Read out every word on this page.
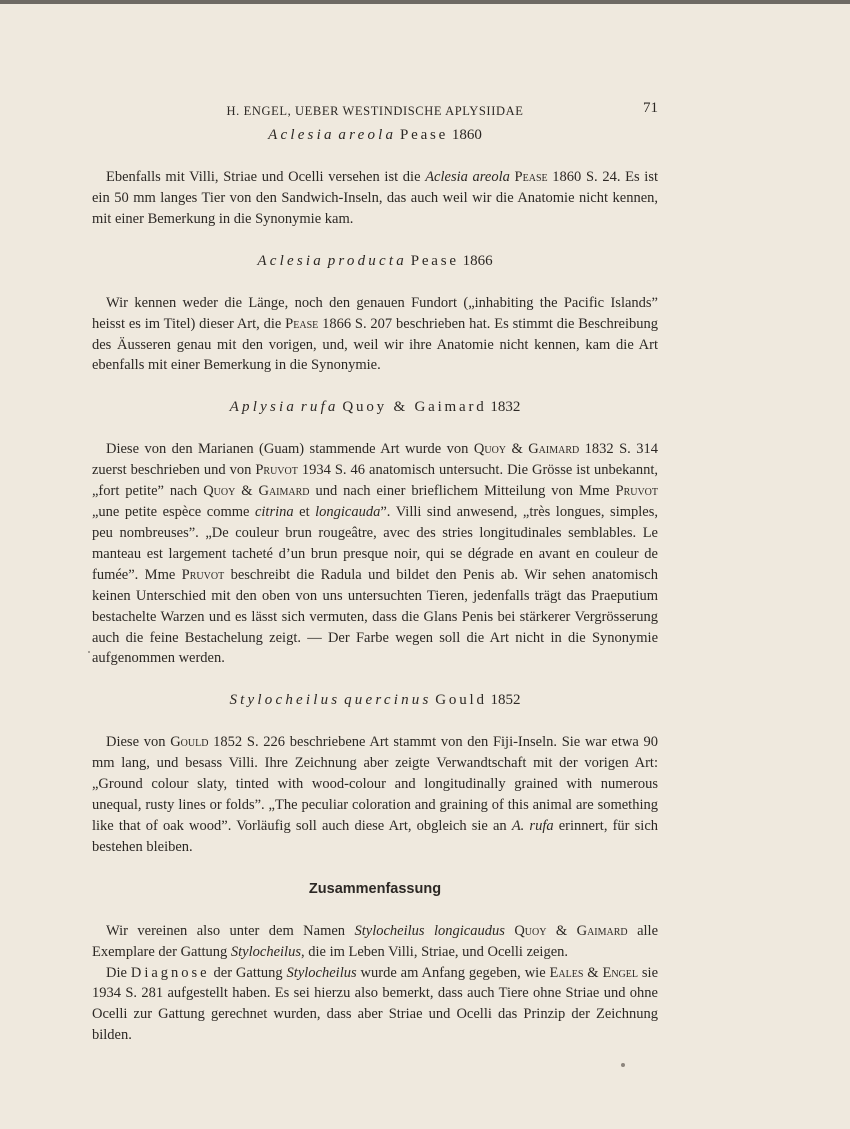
H. ENGEL, UEBER WESTINDISCHE APLYSIIDAE	71
Aclesia areola Pease 1860

Ebenfalls mit Villi, Striae und Ocelli versehen ist die Aclesia areola Pease 1860 S. 24. Es ist ein 50 mm langes Tier von den Sandwich-Inseln, das auch weil wir die Anatomie nicht kennen, mit einer Bemerkung in die Synonymie kam.

Aclesia producta Pease 1866

Wir kennen weder die Länge, noch den genauen Fundort („inhabiting the Pacific Islands” heisst es im Titel) dieser Art, die Pease 1866 S. 207 beschrieben hat. Es stimmt die Beschreibung des Äusseren genau mit den vorigen, und, weil wir ihre Anatomie nicht kennen, kam die Art ebenfalls mit einer Bemerkung in die Synonymie.

Aplysia rufa Quoy & Gaimard 1832

Diese von den Marianen (Guam) stammende Art wurde von Quoy & Gaimard 1832 S. 314 zuerst beschrieben und von Pruvot 1934 S. 46 anatomisch untersucht. Die Grösse ist unbekannt, „fort petite” nach Quoy & Gaimard und nach einer brieflichem Mitteilung von Mme Pruvot „une petite espèce comme citrina et longicauda”. Villi sind anwesend, „très longues, simples, peu nombreuses”. „De couleur brun rougeâtre, avec des stries longitudinales semblables. Le manteau est largement tacheté d’un brun presque noir, qui se dégrade en avant en couleur de fumée”. Mme Pruvot beschreibt die Radula und bildet den Penis ab. Wir sehen anatomisch keinen Unterschied mit den oben von uns untersuchten Tieren, jedenfalls trägt das Praeputium bestachelte Warzen und es lässt sich vermuten, dass die Glans Penis bei stärkerer Vergrösserung auch die feine Bestachelung zeigt. — Der Farbe wegen soll die Art nicht in die Synonymie aufgenommen werden.

Stylocheilus quercinus Gould 1852

Diese von Gould 1852 S. 226 beschriebene Art stammt von den Fiji-Inseln. Sie war etwa 90 mm lang, und besass Villi. Ihre Zeichnung aber zeigte Verwandtschaft mit der vorigen Art: „Ground colour slaty, tinted with wood-colour and longitudinally grained with numerous unequal, rusty lines or folds”. „The peculiar coloration and graining of this animal are something like that of oak wood”. Vorläufig soll auch diese Art, obgleich sie an A. rufa erinnert, für sich bestehen bleiben.

Zusammenfassung

Wir vereinen also unter dem Namen Stylocheilus longicaudus Quoy & Gaimard alle Exemplare der Gattung Stylocheilus, die im Leben Villi, Striae, und Ocelli zeigen.

Die Diagnose der Gattung Stylocheilus wurde am Anfang gegeben, wie Eales & Engel sie 1934 S. 281 aufgestellt haben. Es sei hierzu also bemerkt, dass auch Tiere ohne Striae und ohne Ocelli zur Gattung gerechnet wurden, dass aber Striae und Ocelli das Prinzip der Zeichnung bilden.
